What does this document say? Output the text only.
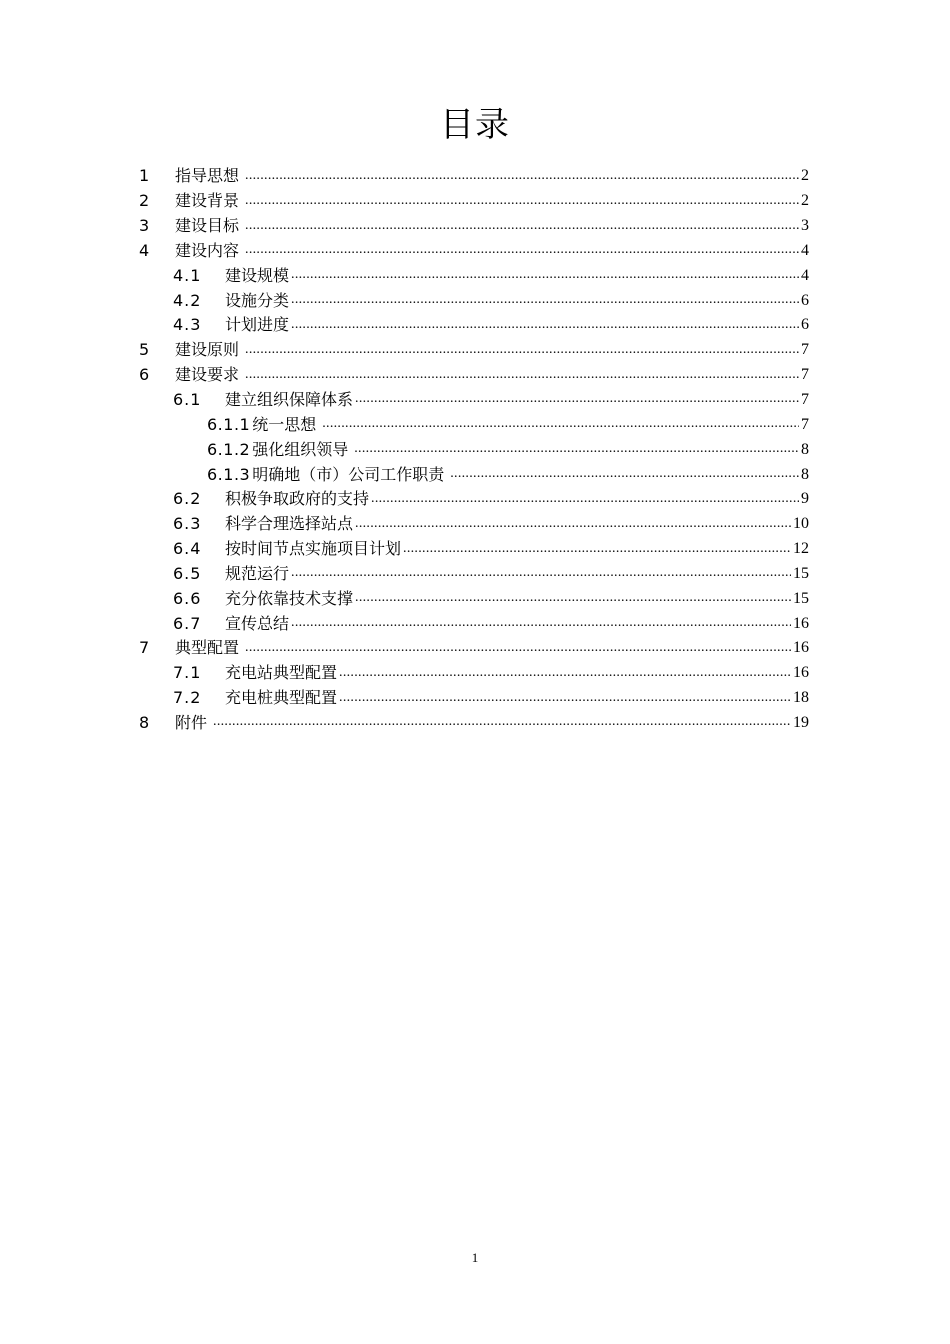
目录
1	指导思想 .....	2
2	建设背景 .....	2
3	建设目标 .....	3
4	建设内容 .....	4
4.1	建设规模 .....	4
4.2	设施分类 .....	6
4.3	计划进度 .....	6
5	建设原则 .....	7
6	建设要求 .....	7
6.1	建立组织保障体系 .....	7
6.1.1 统一思想 .....	7
6.1.2 强化组织领导 .....	8
6.1.3 明确地（市）公司工作职责 .....	8
6.2	积极争取政府的支持 .....	9
6.3	科学合理选择站点 .....	10
6.4	按时间节点实施项目计划 .....	12
6.5	规范运行 .....	15
6.6	充分依靠技术支撑 .....	15
6.7	宣传总结 .....	16
7	典型配置 .....	16
7.1	充电站典型配置 .....	16
7.2	充电桩典型配置 .....	18
8	附件 .....	19
1
